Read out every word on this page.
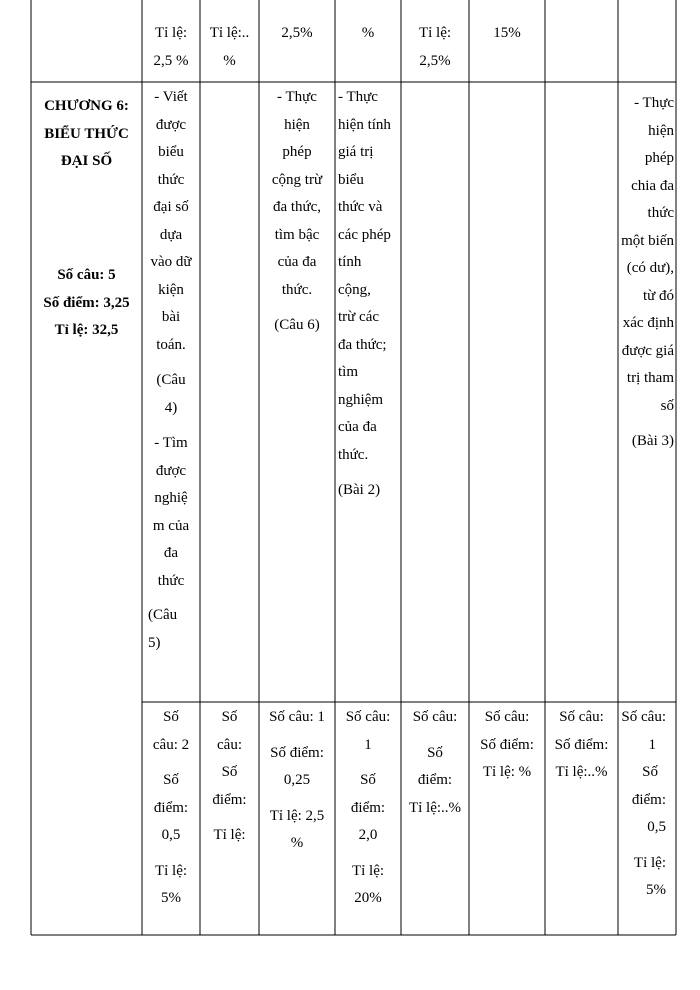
Tỉ lệ:
2,5 %
Tỉ lệ:..
%
2,5%	%	Tỉ lệ:
2,5%
15%
CHƯƠNG 6:
BIỂU THỨC
ĐẠI SỐ
Số câu: 5
Số điểm: 3,25
Tỉ lệ: 32,5
- Viết
được
biểu
thức
đại số
dựa
vào dữ
kiện
bài
toán.
(Câu
4)
- Tìm
được
nghiệ
m của
đa
thức
(Câu
5)
- Thực
hiện
phép
cộng trừ
đa thức,
tìm bậc
của đa
thức.
(Câu 6)
- Thực
hiện tính
giá trị
biểu
thức và
các phép
tính
cộng,
trừ các
đa thức;
tìm
nghiệm
của đa
thức.
(Bài 2)
- Thực
hiện
phép
chia đa
thức
một biến
(có dư),
từ đó
xác định
được giá
trị tham
số
(Bài 3)
Số
câu: 2
Số
điểm:
0,5
Tỉ lệ:
5%
Số
câu:
Số
điểm:
Tỉ lệ:
Số câu: 1
Số điểm:
0,25
Tỉ lệ: 2,5
%
Số câu:
1
Số
điểm:
2,0
Tỉ lệ:
20%
Số câu:
Số
điểm:
Tỉ lệ:..%
Số câu:
Số điểm:
Tỉ lệ: %
Số câu:
Số điểm:
Tỉ lệ:..%
Số câu:
1
Số
điểm:
0,5
Tỉ lệ:
5%
